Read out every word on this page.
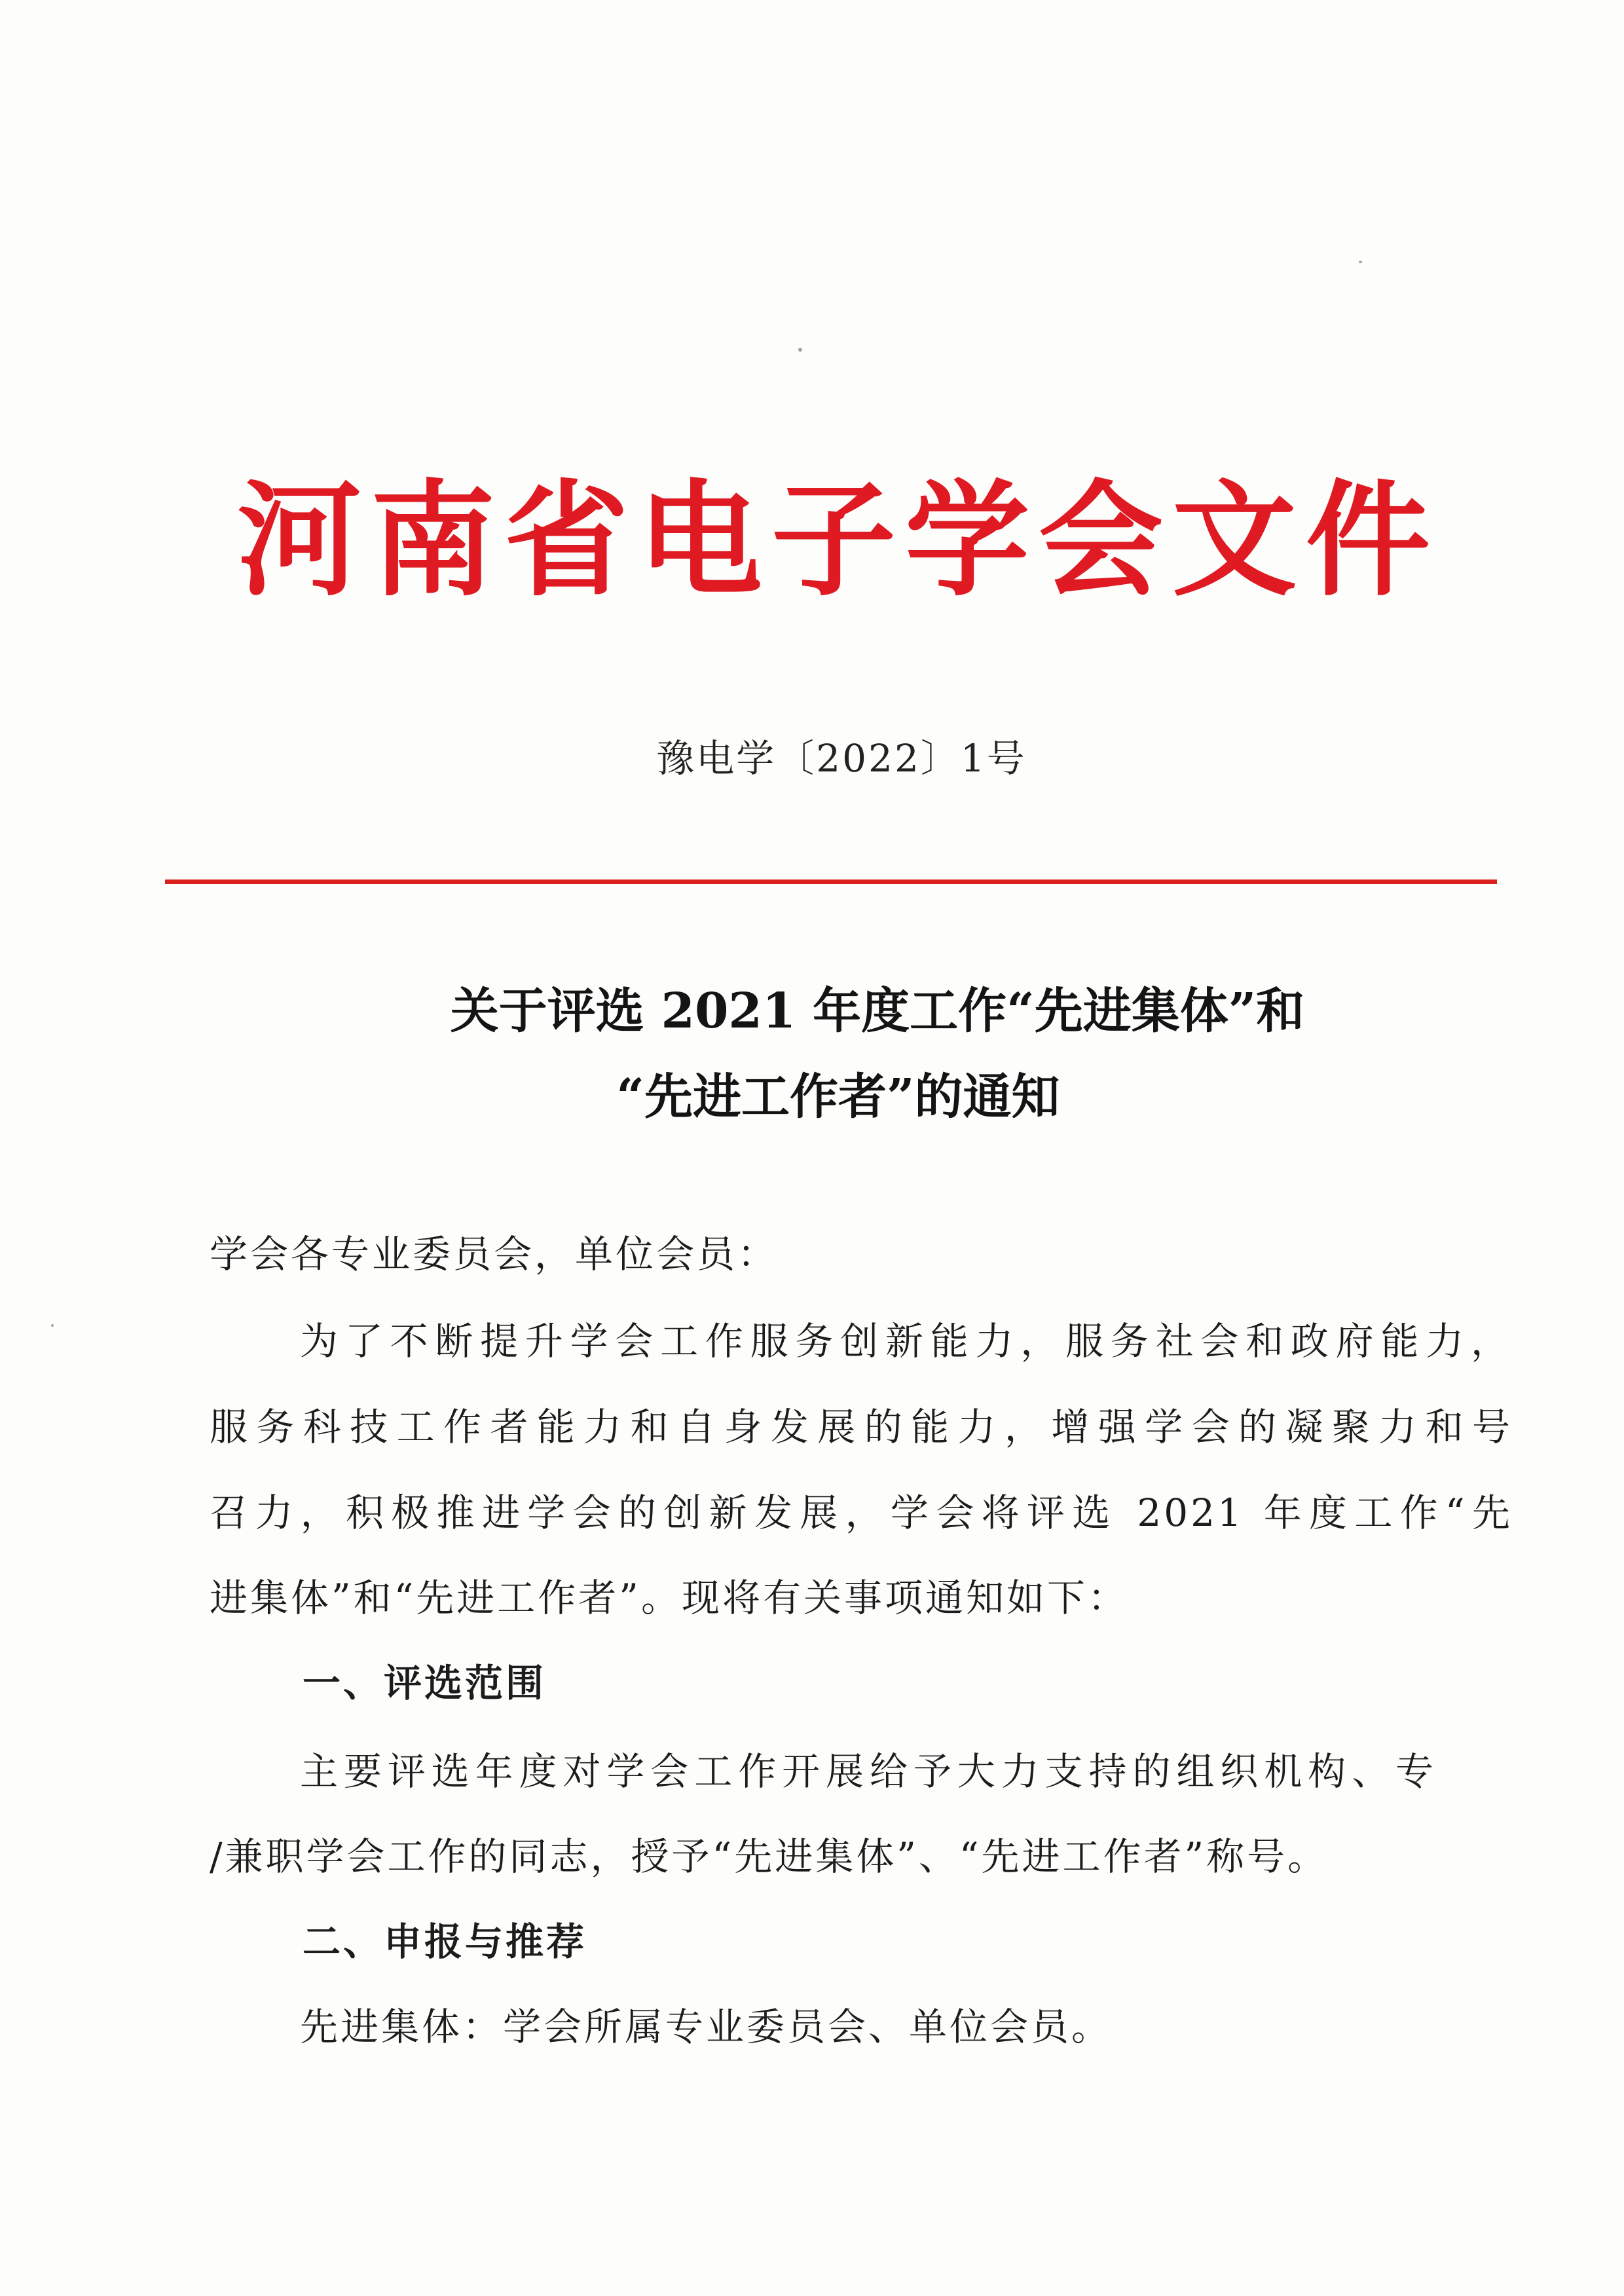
河南省电子学会文件
豫电学〔2022〕1号
关于评选 2021 年度工作“先进集体”和
“先进工作者”的通知
学会各专业委员会，单位会员：
为了不断提升学会工作服务创新能力，服务社会和政府能力，
服务科技工作者能力和自身发展的能力，增强学会的凝聚力和号
召力，积极推进学会的创新发展，学会将评选 2021 年度工作“先
进集体”和“先进工作者”。现将有关事项通知如下：
一、评选范围
主要评选年度对学会工作开展给予大力支持的组织机构、专
/兼职学会工作的同志，授予“先进集体”、“先进工作者”称号。
二、申报与推荐
先进集体：学会所属专业委员会、单位会员。
